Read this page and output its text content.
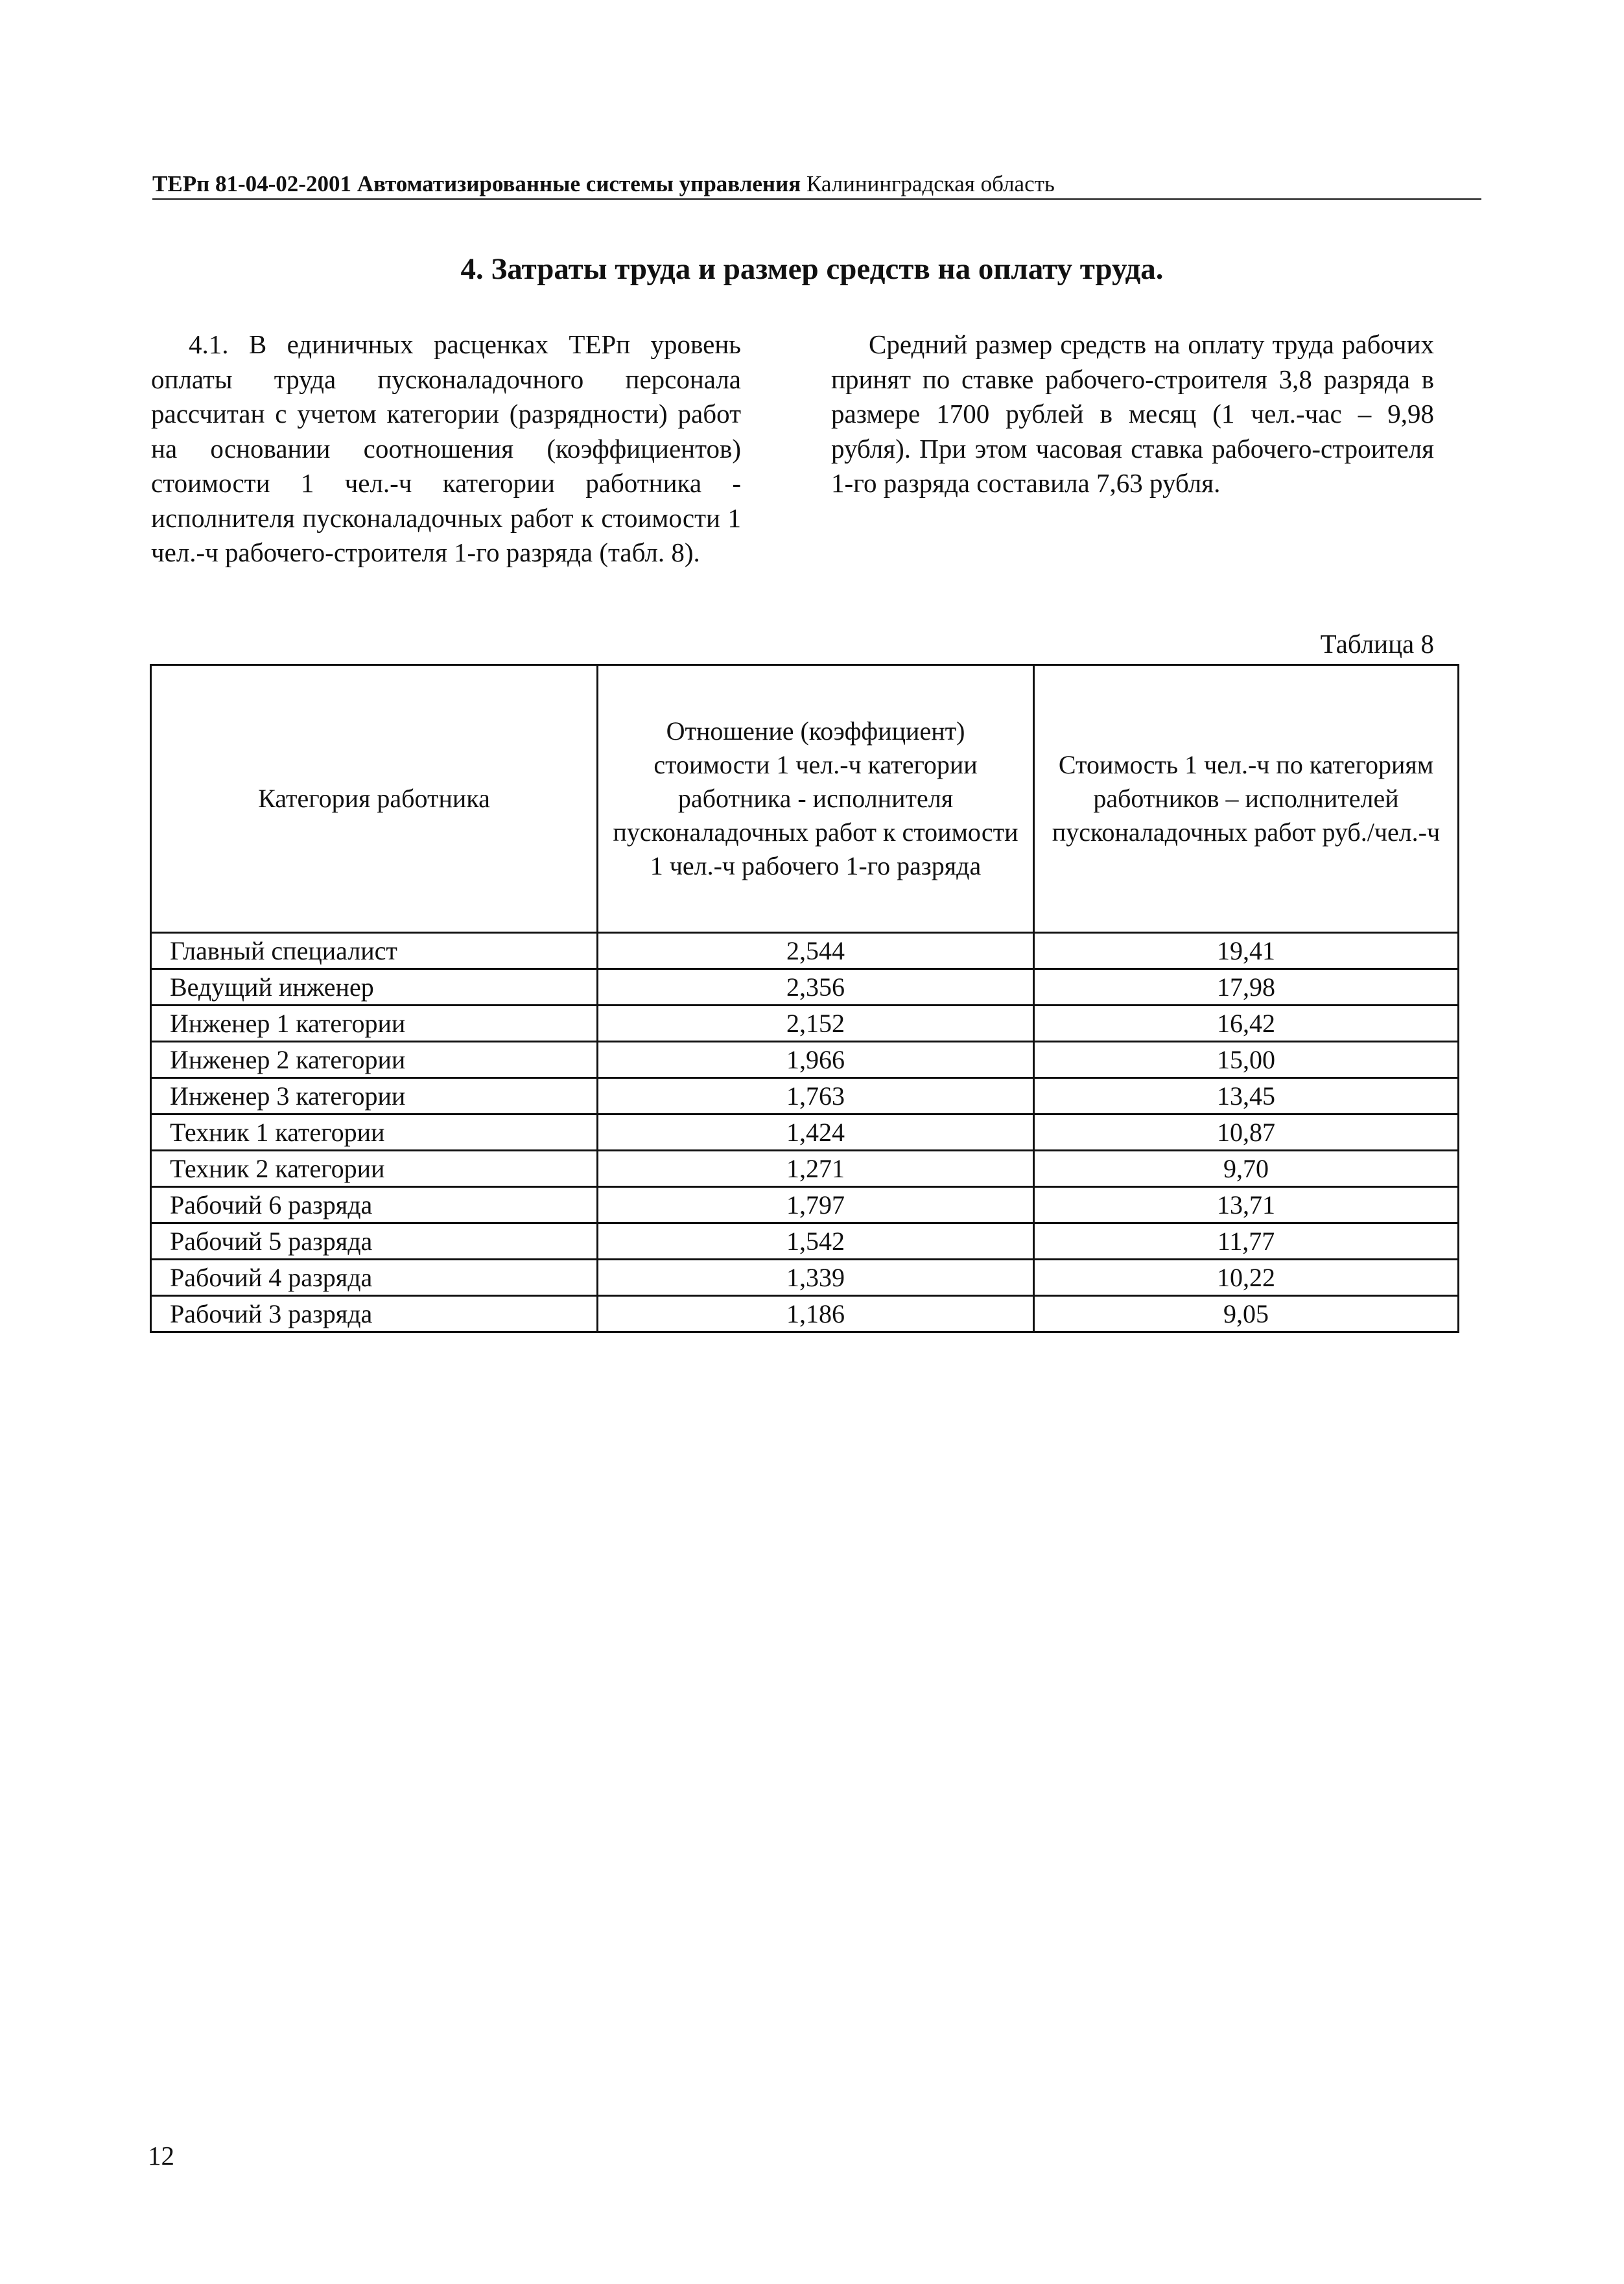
ТЕРп 81-04-02-2001 Автоматизированные системы управления Калининградская область
4. Затраты труда и размер средств на оплату труда.

4.1. В единичных расценках ТЕРп уровень оплаты труда пусконаладочного персонала рассчитан с учетом категории (разрядности) работ на основании соотношения (коэффициентов) стоимости 1 чел.-ч категории работника - исполнителя пусконаладочных работ к стоимости 1 чел.-ч рабочего-строителя 1-го разряда (табл. 8).

Средний размер средств на оплату труда рабочих принят по ставке рабочего-строителя 3,8 разряда в размере 1700 рублей в месяц (1 чел.-час – 9,98 рубля). При этом часовая ставка рабочего-строителя 1-го разряда составила 7,63 рубля.

Таблица 8
Категория работника	Отношение (коэффициент) стоимости 1 чел.-ч категории работника - исполнителя пусконаладочных работ к стоимости 1 чел.-ч рабочего 1-го разряда	Стоимость 1 чел.-ч по категориям работников – исполнителей пусконаладочных работ руб./чел.-ч

Главный специалист	2,544	19,41
Ведущий инженер	2,356	17,98
Инженер 1 категории	2,152	16,42
Инженер 2 категории	1,966	15,00
Инженер 3 категории	1,763	13,45
Техник 1 категории	1,424	10,87
Техник 2 категории	1,271	9,70
Рабочий 6 разряда	1,797	13,71
Рабочий 5 разряда	1,542	11,77
Рабочий 4 разряда	1,339	10,22
Рабочий 3 разряда	1,186	9,05
12
